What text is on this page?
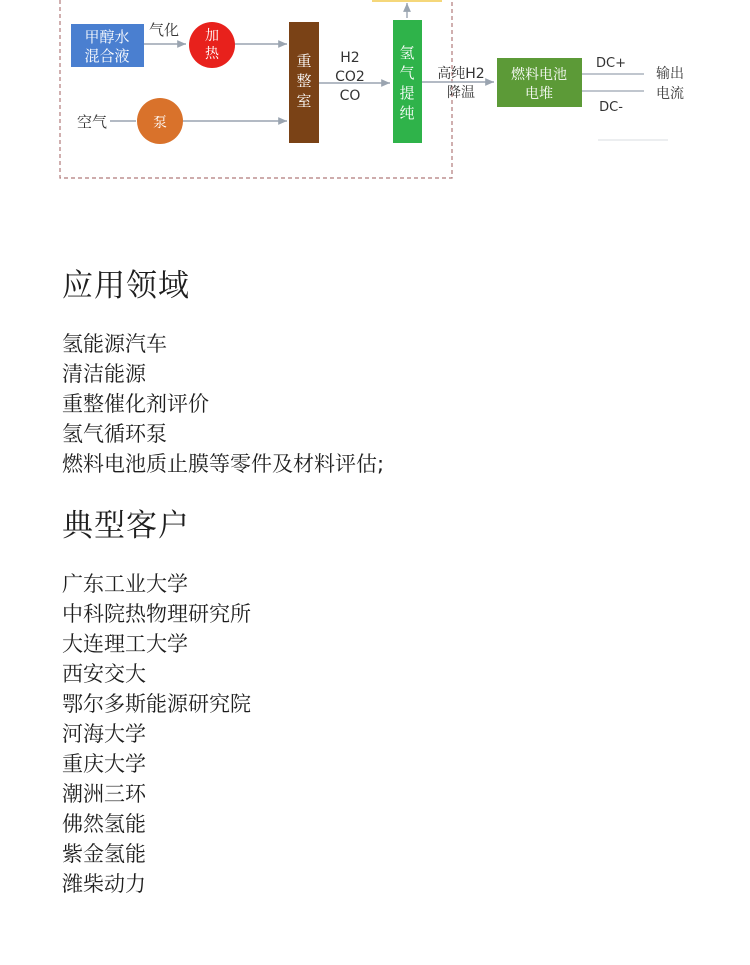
甲醇水
混合液
气化 加
热
空气	泵
重
整
室
H2
CO2
CO
氢
气
提
纯
高纯H2
降温
燃料电池
电堆
DC+
DC-
输出
电流
应用领域
氢能源汽车
清洁能源
重整催化剂评价
氢气循环泵
燃料电池质止膜等零件及材料评估;
典型客户
广东工业大学
中科院热物理研究所
大连理工大学
西安交大
鄂尔多斯能源研究院
河海大学
重庆大学
潮洲三环
佛然氢能
紫金氢能
潍柴动力
